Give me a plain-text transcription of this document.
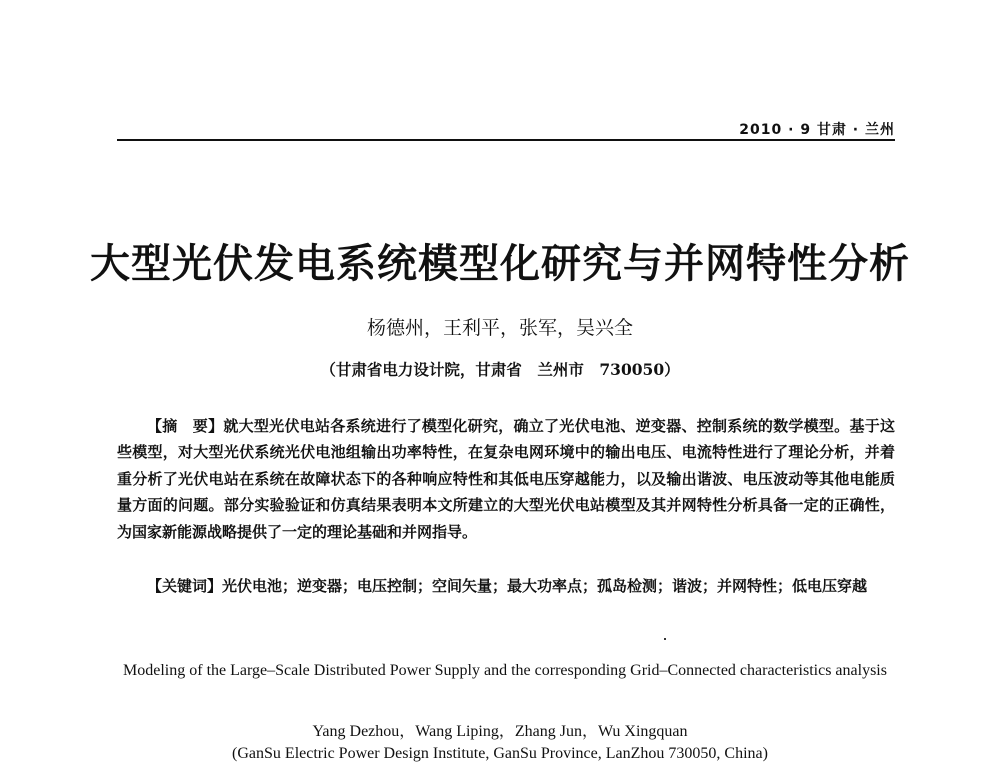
2010 · 9 甘肃 · 兰州
大型光伏发电系统模型化研究与并网特性分析
杨德州，王利平，张军，吴兴全
（甘肃省电力设计院，甘肃省　兰州市　730050）
【摘　要】就大型光伏电站各系统进行了模型化研究，确立了光伏电池、逆变器、控制系统的数学模型。基于这些模型，对大型光伏系统光伏电池组输出功率特性，在复杂电网环境中的输出电压、电流特性进行了理论分析，并着重分析了光伏电站在系统在故障状态下的各种响应特性和其低电压穿越能力，以及输出谐波、电压波动等其他电能质量方面的问题。部分实验验证和仿真结果表明本文所建立的大型光伏电站模型及其并网特性分析具备一定的正确性，为国家新能源战略提供了一定的理论基础和并网指导。
【关键词】光伏电池；逆变器；电压控制；空间矢量；最大功率点；孤岛检测；谐波；并网特性；低电压穿越
Modeling of the Large–Scale Distributed Power Supply and the corresponding Grid–Connected characteristics analysis
Yang Dezhou，Wang Liping，Zhang Jun，Wu Xingquan
(GanSu Electric Power Design Institute, GanSu Province, LanZhou 730050, China)
